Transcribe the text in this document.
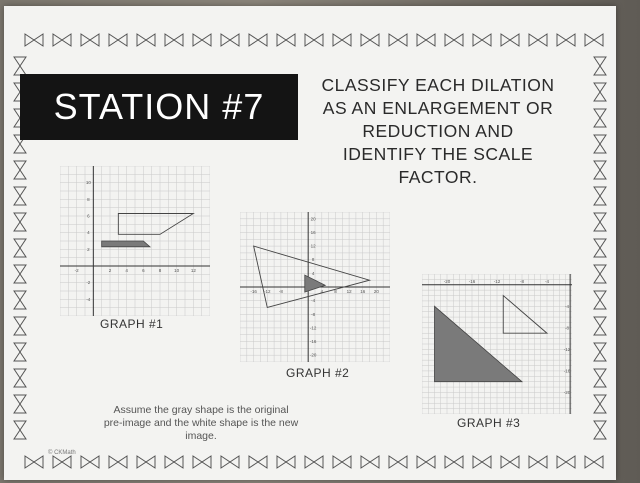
STATION #7
CLASSIFY EACH DILATION
AS AN ENLARGEMENT OR
REDUCTION AND
IDENTIFY THE SCALE
FACTOR.
-2	2	4	6	8	10	12
10
8
6
4
2
-2
-4
GRAPH #1
-16 -12 -8	4 8 12 16 20
20
16
12
8
4
-4
-8
-12
-16
-20
GRAPH #2
-20	-16	-12	-8	-4
-4
-8
-12
-16
-20
GRAPH #3
Assume the gray shape is the original
pre-image and the white shape is the new
image.
© CKMath
